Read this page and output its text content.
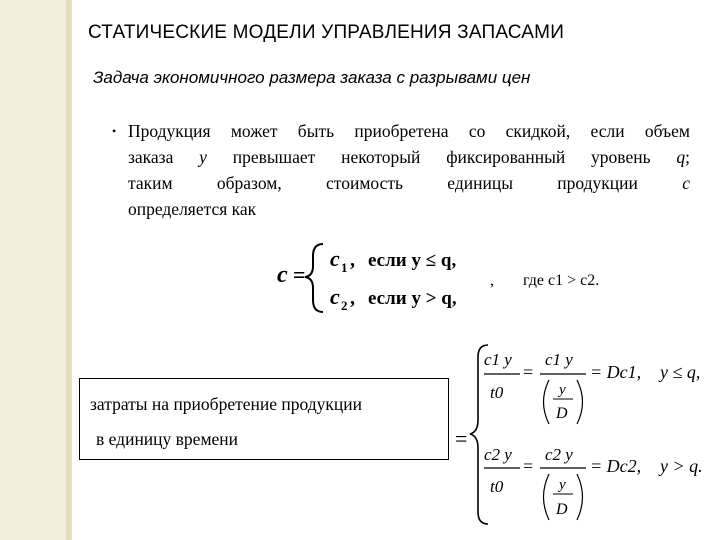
СТАТИЧЕСКИЕ МОДЕЛИ УПРАВЛЕНИЯ ЗАПАСАМИ
Задача экономичного размера заказа с разрывами цен
• Продукция может быть приобретена со скидкой, если объем
заказа y превышает некоторый фиксированный уровень q;
таким образом, стоимость единицы продукции c
определяется как
c =
c 1 , если y ≤ q,
c 2 , если y > q,
, где c1 > c2.
затраты на приобретение продукции
в единицу времени	=
c1 y
t0
=
c1 y
y
D
= Dc1, y ≤ q,
c2 y
t0
=
c2 y
y
D
= Dc2, y > q.
